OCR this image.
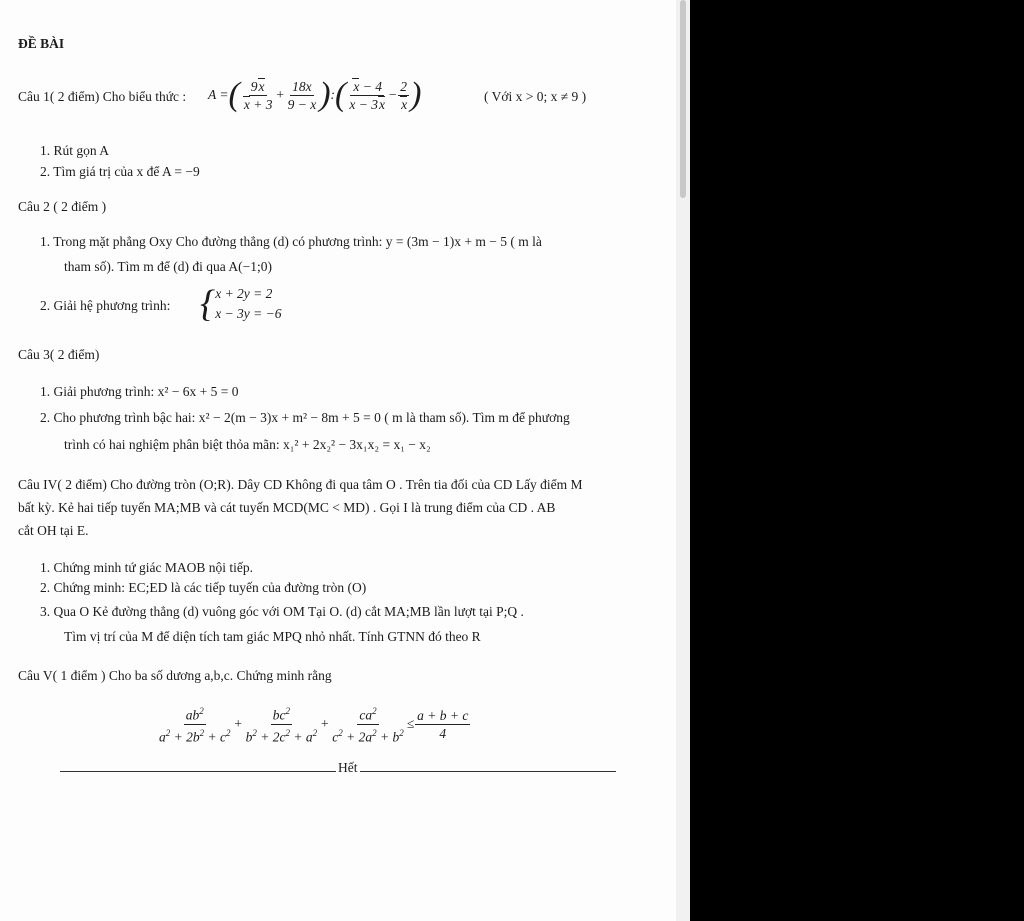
ĐỀ BÀI
Câu 1( 2 điểm) Cho biểu thức : A = ( $\frac{9x}{x + 3} + \frac{18x}{9 - x}$ ) : ( $\frac{x - 4}{x - 3x} - \frac{2}{x}$ )	( Với x > 0; x ≠ 9 )
1. Rút gọn A
2. Tìm giá trị của x để A = −9
Câu 2 ( 2 điểm )
1. Trong mặt phẳng Oxy Cho đường thẳng (d) có phương trình: y = (3m − 1)x + m − 5 ( m là
tham số). Tìm m để (d) đi qua A(−1;0)
2. Giải hệ phương trình: { x + 2y = 2
x − 3y = −6
Câu 3( 2 điểm)
1. Giải phương trình: x² − 6x + 5 = 0
2. Cho phương trình bậc hai: x² − 2(m − 3)x + m² − 8m + 5 = 0 ( m là tham số). Tìm m để phương
trình có hai nghiệm phân biệt thỏa mãn: x₁² + 2x₂² − 3x₁x₂ = x₁ − x₂
Câu IV( 2 điểm) Cho đường tròn (O;R). Dây CD Không đi qua tâm O . Trên tia đối của CD Lấy điểm M
bất kỳ. Kẻ hai tiếp tuyến MA;MB và cát tuyến MCD(MC < MD) . Gọi I là trung điểm của CD . AB
cắt OH tại E.
1. Chứng minh tứ giác MAOB nội tiếp.
2. Chứng minh: EC;ED là các tiếp tuyến của đường tròn (O)
3. Qua O Kẻ đường thẳng (d) vuông góc với OM Tại O. (d) cắt MA;MB lần lượt tại P;Q .
Tìm vị trí của M để diện tích tam giác MPQ nhỏ nhất. Tính GTNN đó theo R
Câu V( 1 điểm ) Cho ba số dương a,b,c. Chứng minh rằng
$\frac{ab^2}{a^2 + 2b^2 + c^2} + \frac{bc^2}{b^2 + 2c^2 + a^2} + \frac{ca^2}{c^2 + 2a^2 + b^2} \le \frac{a + b + c}{4}$
Hết
